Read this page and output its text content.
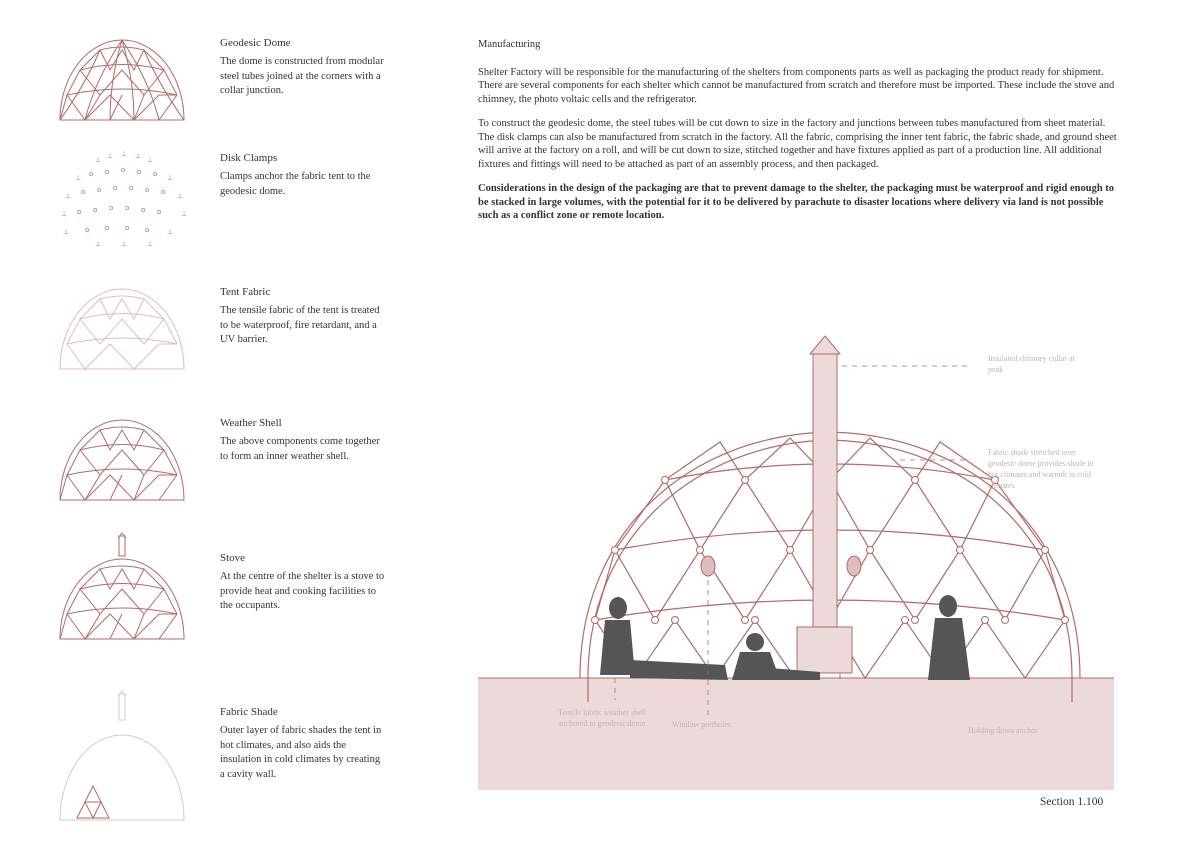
Geodesic Dome
The dome is constructed from modular steel tubes joined at the corners with a collar junction.
⊥ ⊥ ⊥ ⊥ ⊥
⊥ o o o o o ⊥
⊥ o o o o o o ⊥
⊥ o o o o o o	⊥
⊥ o o o o	⊥
⊥	⊥	⊥
Disk Clamps
Clamps anchor the fabric tent to the geodesic dome.
Tent Fabric
The tensile fabric of the tent is treated to be waterproof, fire retardant, and a UV barrier.
Weather Shell
The above components come together to form an inner weather shell.
Stove
At the centre of the shelter is a stove to provide heat and cooking facilities to the occupants.
Fabric Shade
Outer layer of fabric shades the tent in hot climates, and also aids the insulation in cold climates by creating a cavity wall.
Manufacturing

Shelter Factory will be responsible for the manufacturing of the shelters from components parts as well as packaging the product ready for shipment. There are several components for each shelter which cannot be manufactured from scratch and therefore must be imported. These include the stove and chimney, the photo voltaic cells and the refrigerator.

To construct the geodesic dome, the steel tubes will be cut down to size in the factory and junctions between tubes manufactured from sheet material. The disk clamps can also be manufactured from scratch in the factory. All the fabric, comprising the inner tent fabric, the fabric shade, and ground sheet will arrive at the factory on a roll, and will be cut down to size, stitched together and have fixtures applied as part of a production line. All additional fixtures and fittings will need to be attached as part of an assembly process, and then packaged.

Considerations in the design of the packaging are that to prevent damage to the shelter, the packaging must be waterproof and rigid enough to be stacked in large volumes, with the potential for it to be delivered by parachute to disaster locations where delivery via land is not possible such as a conflict zone or remote location.

Insulated chimney collar at peak
Fabric shade stretched over geodesic dome provides shade in hot climates and warmth in cold climates
Tensile fabric weather shell anchored to geodesic dome.	Window portholes
Holding down anchor
Section 1.100
